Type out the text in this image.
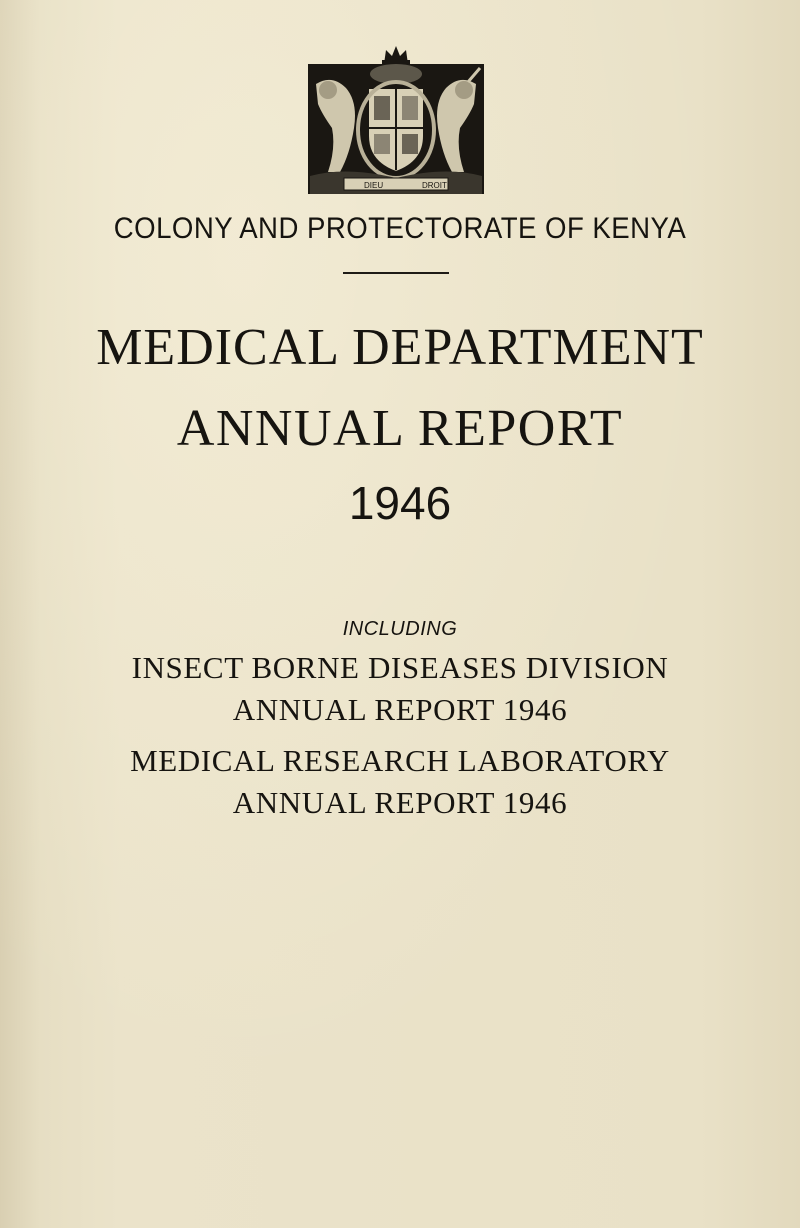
DIEU	DROIT
COLONY AND PROTECTORATE OF KENYA
MEDICAL DEPARTMENT
ANNUAL REPORT
1946
INCLUDING
INSECT BORNE DISEASES DIVISION
ANNUAL REPORT 1946
MEDICAL RESEARCH LABORATORY
ANNUAL REPORT 1946
